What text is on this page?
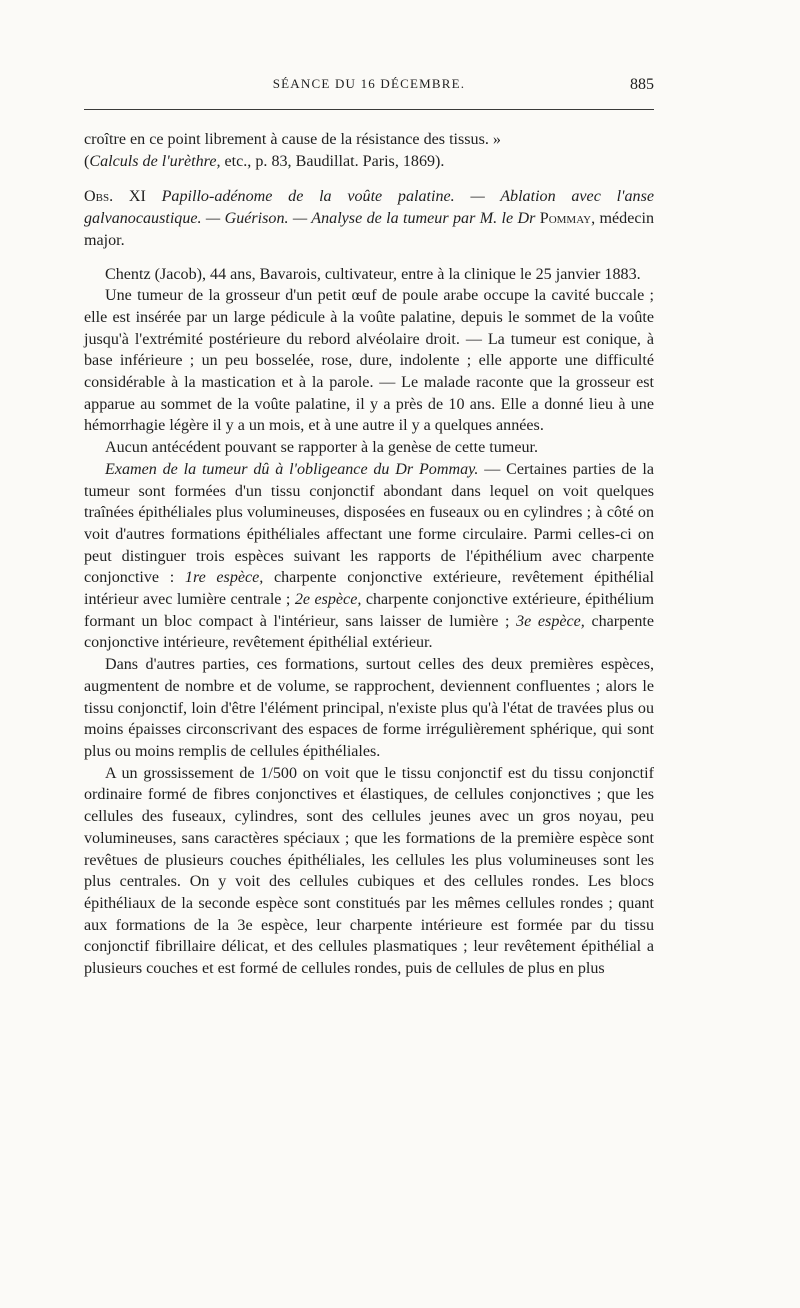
SÉANCE DU 16 DÉCEMBRE.	885

croître en ce point librement à cause de la résistance des tissus. »
(Calculs de l'urèthre, etc., p. 83, Baudillat. Paris, 1869).

Obs. XI Papillo-adénome de la voûte palatine. — Ablation avec l'anse galvanocaustique. — Guérison. — Analyse de la tumeur par M. le Dr Pommay, médecin major.

Chentz (Jacob), 44 ans, Bavarois, cultivateur, entre à la clinique le 25 janvier 1883.

Une tumeur de la grosseur d'un petit œuf de poule arabe occupe la cavité buccale ; elle est insérée par un large pédicule à la voûte palatine, depuis le sommet de la voûte jusqu'à l'extrémité postérieure du rebord alvéolaire droit. — La tumeur est conique, à base inférieure ; un peu bosselée, rose, dure, indolente ; elle apporte une difficulté considérable à la mastication et à la parole. — Le malade raconte que la grosseur est apparue au sommet de la voûte palatine, il y a près de 10 ans. Elle a donné lieu à une hémorrhagie légère il y a un mois, et à une autre il y a quelques années.

Aucun antécédent pouvant se rapporter à la genèse de cette tumeur.

Examen de la tumeur dû à l'obligeance du Dr Pommay. — Certaines parties de la tumeur sont formées d'un tissu conjonctif abondant dans lequel on voit quelques traînées épithéliales plus volumineuses, disposées en fuseaux ou en cylindres ; à côté on voit d'autres formations épithéliales affectant une forme circulaire. Parmi celles-ci on peut distinguer trois espèces suivant les rapports de l'épithélium avec charpente conjonctive : 1re espèce, charpente conjonctive extérieure, revêtement épithélial intérieur avec lumière centrale ; 2e espèce, charpente conjonctive extérieure, épithélium formant un bloc compact à l'intérieur, sans laisser de lumière ; 3e espèce, charpente conjonctive intérieure, revêtement épithélial extérieur.

Dans d'autres parties, ces formations, surtout celles des deux premières espèces, augmentent de nombre et de volume, se rapprochent, deviennent confluentes ; alors le tissu conjonctif, loin d'être l'élément principal, n'existe plus qu'à l'état de travées plus ou moins épaisses circonscrivant des espaces de forme irrégulièrement sphérique, qui sont plus ou moins remplis de cellules épithéliales.

A un grossissement de 1/500 on voit que le tissu conjonctif est du tissu conjonctif ordinaire formé de fibres conjonctives et élastiques, de cellules conjonctives ; que les cellules des fuseaux, cylindres, sont des cellules jeunes avec un gros noyau, peu volumineuses, sans caractères spéciaux ; que les formations de la première espèce sont revêtues de plusieurs couches épithéliales, les cellules les plus volumineuses sont les plus centrales. On y voit des cellules cubiques et des cellules rondes. Les blocs épithéliaux de la seconde espèce sont constitués par les mêmes cellules rondes ; quant aux formations de la 3e espèce, leur charpente intérieure est formée par du tissu conjonctif fibrillaire délicat, et des cellules plasmatiques ; leur revêtement épithélial a plusieurs couches et est formé de cellules rondes, puis de cellules de plus en plus
